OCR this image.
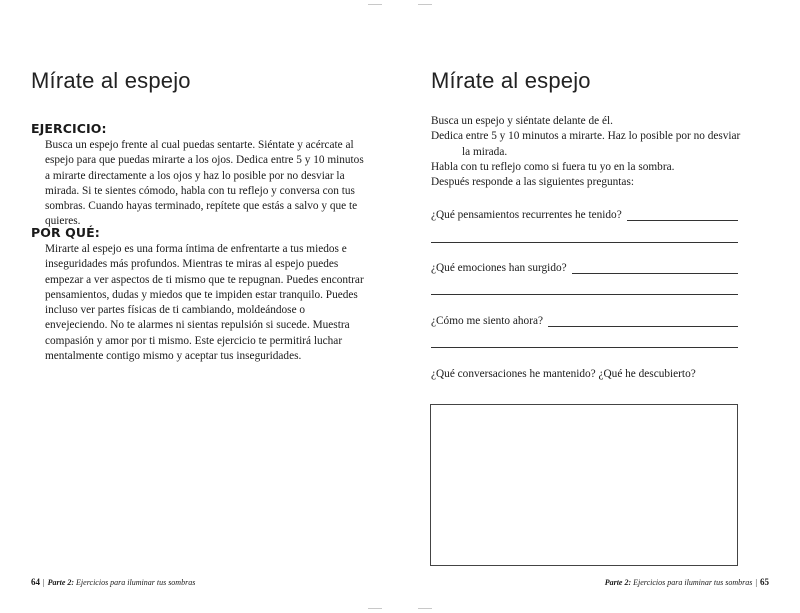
Mírate al espejo
EJERCICIO:

Busca un espejo frente al cual puedas sentarte. Siéntate y acércate al espejo para que puedas mirarte a los ojos. Dedica entre 5 y 10 minutos a mirarte directamente a los ojos y haz lo posible por no desviar la mirada. Si te sientes cómodo, habla con tu reflejo y conversa con tus sombras. Cuando hayas terminado, repítete que estás a salvo y que te quieres.

POR QUÉ:

Mirarte al espejo es una forma íntima de enfrentarte a tus miedos e inseguridades más profundos. Mientras te miras al espejo puedes empezar a ver aspectos de ti mismo que te repugnan. Puedes encontrar pensamientos, dudas y miedos que te impiden estar tranquilo. Puedes incluso ver partes físicas de ti cambiando, moldeándose o envejeciendo. No te alarmes ni sientas repulsión si sucede. Muestra compasión y amor por ti mismo. Este ejercicio te permitirá luchar mentalmente contigo mismo y aceptar tus inseguridades.

64 | Parte 2: Ejercicios para iluminar tus sombras
Mírate al espejo

Busca un espejo y siéntate delante de él.
Dedica entre 5 y 10 minutos a mirarte. Haz lo posible por no desviar
la mirada.
Habla con tu reflejo como si fuera tu yo en la sombra.
Después responde a las siguientes preguntas:

¿Qué pensamientos recurrentes he tenido?
¿Qué emociones han surgido?
¿Cómo me siento ahora?
¿Qué conversaciones he mantenido? ¿Qué he descubierto?
Parte 2: Ejercicios para iluminar tus sombras | 65
